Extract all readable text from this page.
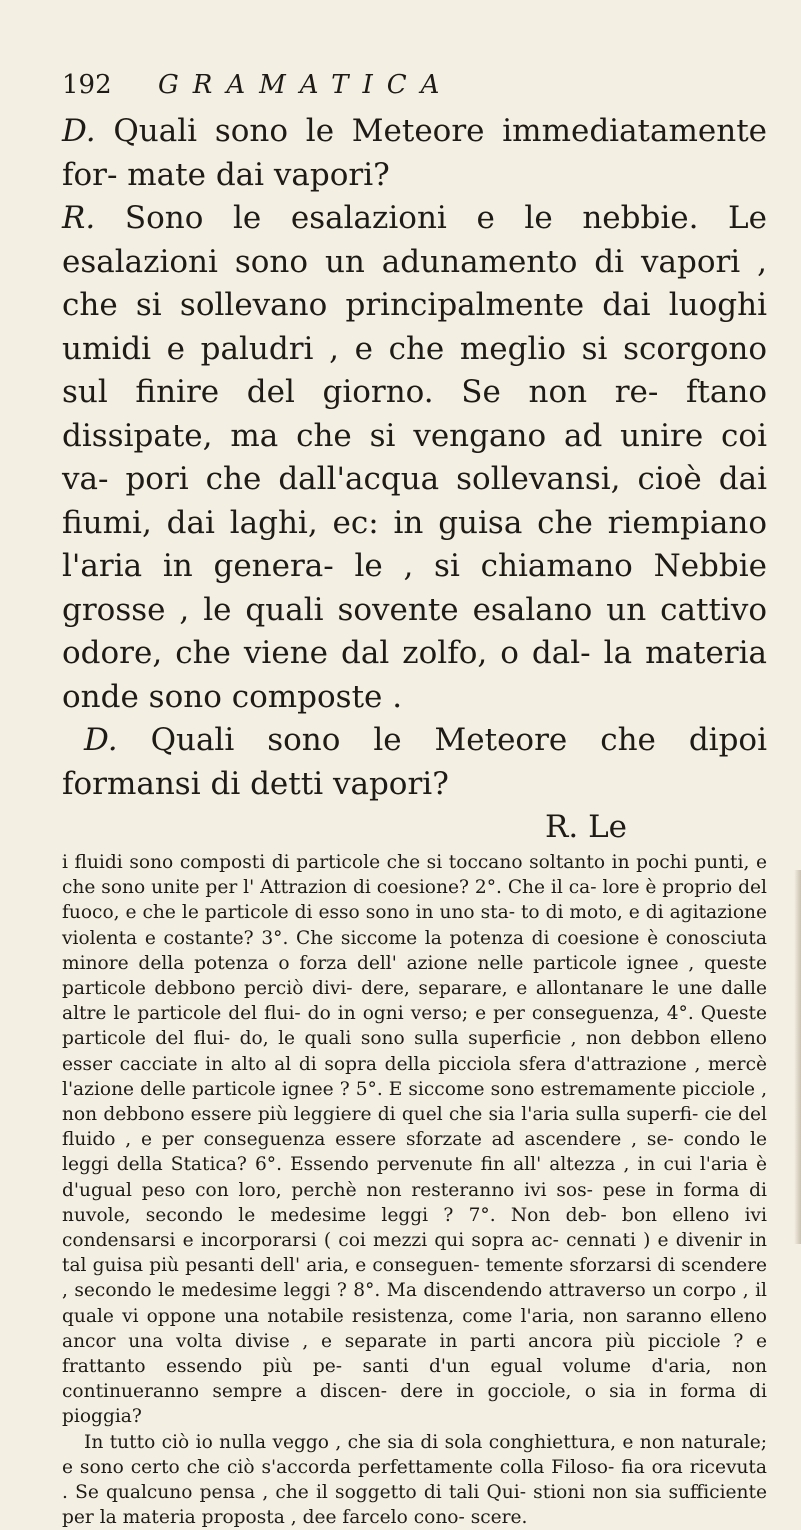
192	GRAMATICA

D. Quali sono le Meteore immediatamente for- mate dai vapori?

R. Sono le esalazioni e le nebbie. Le esalazioni sono un adunamento di vapori , che si sollevano principalmente dai luoghi umidi e paludri , e che meglio si scorgono sul finire del giorno. Se non re- ftano dissipate, ma che si vengano ad unire coi va- pori che dall'acqua sollevansi, cioè dai fiumi, dai laghi, ec: in guisa che riempiano l'aria in genera- le , si chiamano Nebbie grosse , le quali sovente esalano un cattivo odore, che viene dal zolfo, o dal- la materia onde sono composte .

D. Quali sono le Meteore che dipoi formansi di detti vapori?

R. Le

i fluidi sono composti di particole che si toccano soltanto in pochi punti, e che sono unite per l' Attrazion di coesione? 2°. Che il ca- lore è proprio del fuoco, e che le particole di esso sono in uno sta- to di moto, e di agitazione violenta e costante? 3°. Che siccome la potenza di coesione è conosciuta minore della potenza o forza dell' azione nelle particole ignee , queste particole debbono perciò divi- dere, separare, e allontanare le une dalle altre le particole del flui- do in ogni verso; e per conseguenza, 4°. Queste particole del flui- do, le quali sono sulla superficie , non debbon elleno esser cacciate in alto al di sopra della picciola sfera d'attrazione , mercè l'azione delle particole ignee ? 5°. E siccome sono estremamente picciole , non debbono essere più leggiere di quel che sia l'aria sulla superfi- cie del fluido , e per conseguenza essere sforzate ad ascendere , se- condo le leggi della Statica? 6°. Essendo pervenute fin all' altezza , in cui l'aria è d'ugual peso con loro, perchè non resteranno ivi sos- pese in forma di nuvole, secondo le medesime leggi ? 7°. Non deb- bon elleno ivi condensarsi e incorporarsi ( coi mezzi qui sopra ac- cennati ) e divenir in tal guisa più pesanti dell' aria, e conseguen- temente sforzarsi di scendere , secondo le medesime leggi ? 8°. Ma discendendo attraverso un corpo , il quale vi oppone una notabile resistenza, come l'aria, non saranno elleno ancor una volta divise , e separate in parti ancora più picciole ? e frattanto essendo più pe- santi d'un egual volume d'aria, non continueranno sempre a discen- dere in gocciole, o sia in forma di pioggia?

In tutto ciò io nulla veggo , che sia di sola conghiettura, e non naturale; e sono certo che ciò s'accorda perfettamente colla Filoso- fia ora ricevuta . Se qualcuno pensa , che il soggetto di tali Qui- stioni non sia sufficiente per la materia proposta , dee farcelo cono- scere.
